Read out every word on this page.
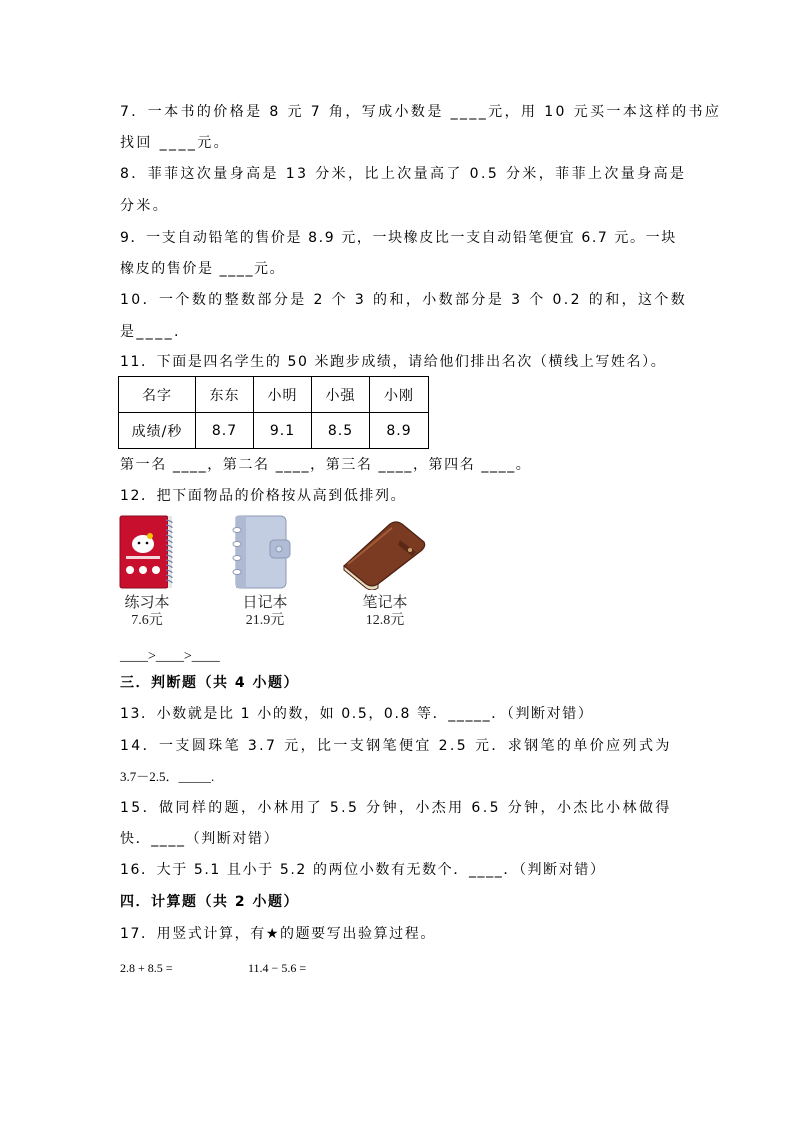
7．一本书的价格是 8 元 7 角，写成小数是 ____元，用 10 元买一本这样的书应
找回 ____元。
8．菲菲这次量身高是 13 分米，比上次量高了 0.5 分米，菲菲上次量身高是
分米。
9．一支自动铅笔的售价是 8.9 元，一块橡皮比一支自动铅笔便宜 6.7 元。一块
橡皮的售价是 ____元。
10．一个数的整数部分是 2 个 3 的和，小数部分是 3 个 0.2 的和，这个数
是____.
11．下面是四名学生的 50 米跑步成绩，请给他们排出名次（横线上写姓名）。
名字	东东	小明	小强	小刚
成绩/秒	8.7	9.1	8.5	8.9
第一名 ____，第二名 ____，第三名 ____，第四名 ____。
12．把下面物品的价格按从高到低排列。
练习本
7.6元
日记本
21.9元
笔记本
12.8元
____>____>____
三．判断题（共 4 小题）
13．小数就是比 1 小的数，如 0.5，0.8 等．_____．（判断对错）
14．一支圆珠笔 3.7 元，比一支钢笔便宜 2.5 元．求钢笔的单价应列式为
3.7－2.5．_____.
15．做同样的题，小林用了 5.5 分钟，小杰用 6.5 分钟，小杰比小林做得
快．____（判断对错）
16．大于 5.1 且小于 5.2 的两位小数有无数个．____．（判断对错）
四．计算题（共 2 小题）
17．用竖式计算，有★的题要写出验算过程。
2.8 + 8.5 =	11.4 − 5.6 =
